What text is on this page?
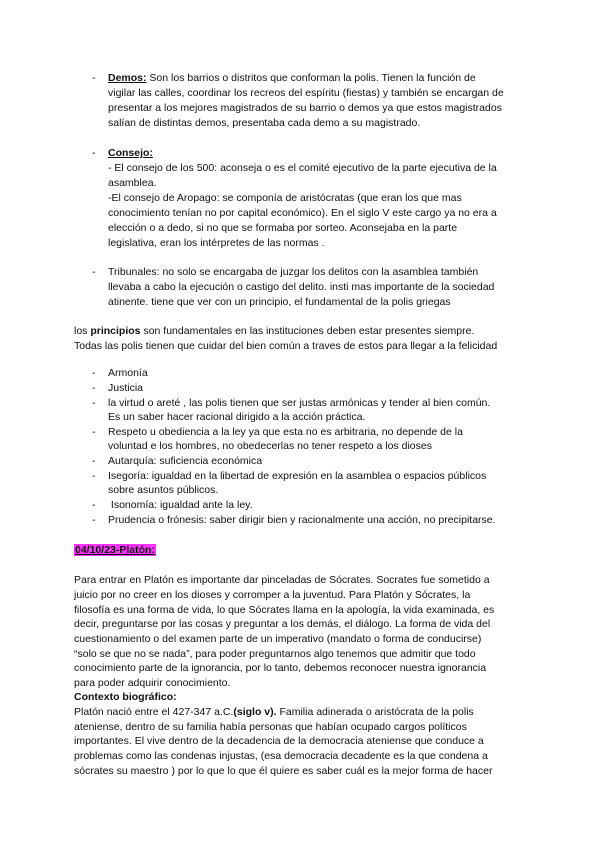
- Demos: Son los barrios o distritos que conforman la polis. Tienen la función de
vigilar las calles, coordinar los recreos del espíritu (fiestas) y también se encargan de
presentar a los mejores magistrados de su barrio o demos ya que estos magistrados
salían de distintas demos, presentaba cada demo a su magistrado.
- Consejo:
- El consejo de los 500: aconseja o es el comité ejecutivo de la parte ejecutiva de la
asamblea.
-El consejo de Aropago: se componía de aristócratas (que eran los que mas
conocimiento tenían no por capital económico). En el siglo V este cargo ya no era a
elección o a dedo, si no que se formaba por sorteo. Aconsejaba en la parte
legislativa, eran los intérpretes de las normas .
- Tribunales: no solo se encargaba de juzgar los delitos con la asamblea también
llevaba a cabo la ejecución o castigo del delito. insti mas importante de la sociedad
atinente. tiene que ver con un principio, el fundamental de la polis griegas
los principios son fundamentales en las instituciones deben estar presentes siempre.
Todas las polis tienen que cuidar del bien común a traves de estos para llegar a la felicidad
- Armonía
- Justicia
- la virtud o areté , las polis tienen que ser justas armónicas y tender al bien común.
Es un saber hacer racional dirigido a la acción práctica.
- Respeto u obediencia a la ley ya que esta no es arbitraria, no depende de la
voluntad e los hombres, no obedecerlas no tener respeto a los dioses
- Autarquía: suficiencia económica
- Isegoría: igualdad en la libertad de expresión en la asamblea o espacios públicos
sobre asuntos públicos.
- Isonomía: igualdad ante la ley.
- Prudencia o frónesis: saber dirigir bien y racionalmente una acción, no precipitarse.
04/10/23-Platón:
Para entrar en Platón es importante dar pinceladas de Sócrates. Socrates fue sometido a
juicio por no creer en los dioses y corromper a la juventud. Para Platón y Sócrates, la
filosofía es una forma de vida, lo que Sócrates llama en la apología, la vida examinada, es
decir, preguntarse por las cosas y preguntar a los demás, el diálogo. La forma de vida del
cuestionamiento o del examen parte de un imperativo (mandato o forma de conducirse)
“solo se que no se nada”, para poder preguntarnos algo tenemos que admitir que todo
conocimiento parte de la ignorancia, por lo tanto, debemos reconocer nuestra ignorancia
para poder adquirir conocimiento.
Contexto biográfico:
Platón nació entre el 427-347 a.C.(siglo v). Familia adinerada o aristócrata de la polis
ateniense, dentro de su familia había personas que habían ocupado cargos políticos
importantes. El vive dentro de la decadencia de la democracia ateniense que conduce a
problemas como las condenas injustas, (esa democracia decadente es la que condena a
sócrates su maestro ) por lo que lo que él quiere es saber cuál es la mejor forma de hacer
